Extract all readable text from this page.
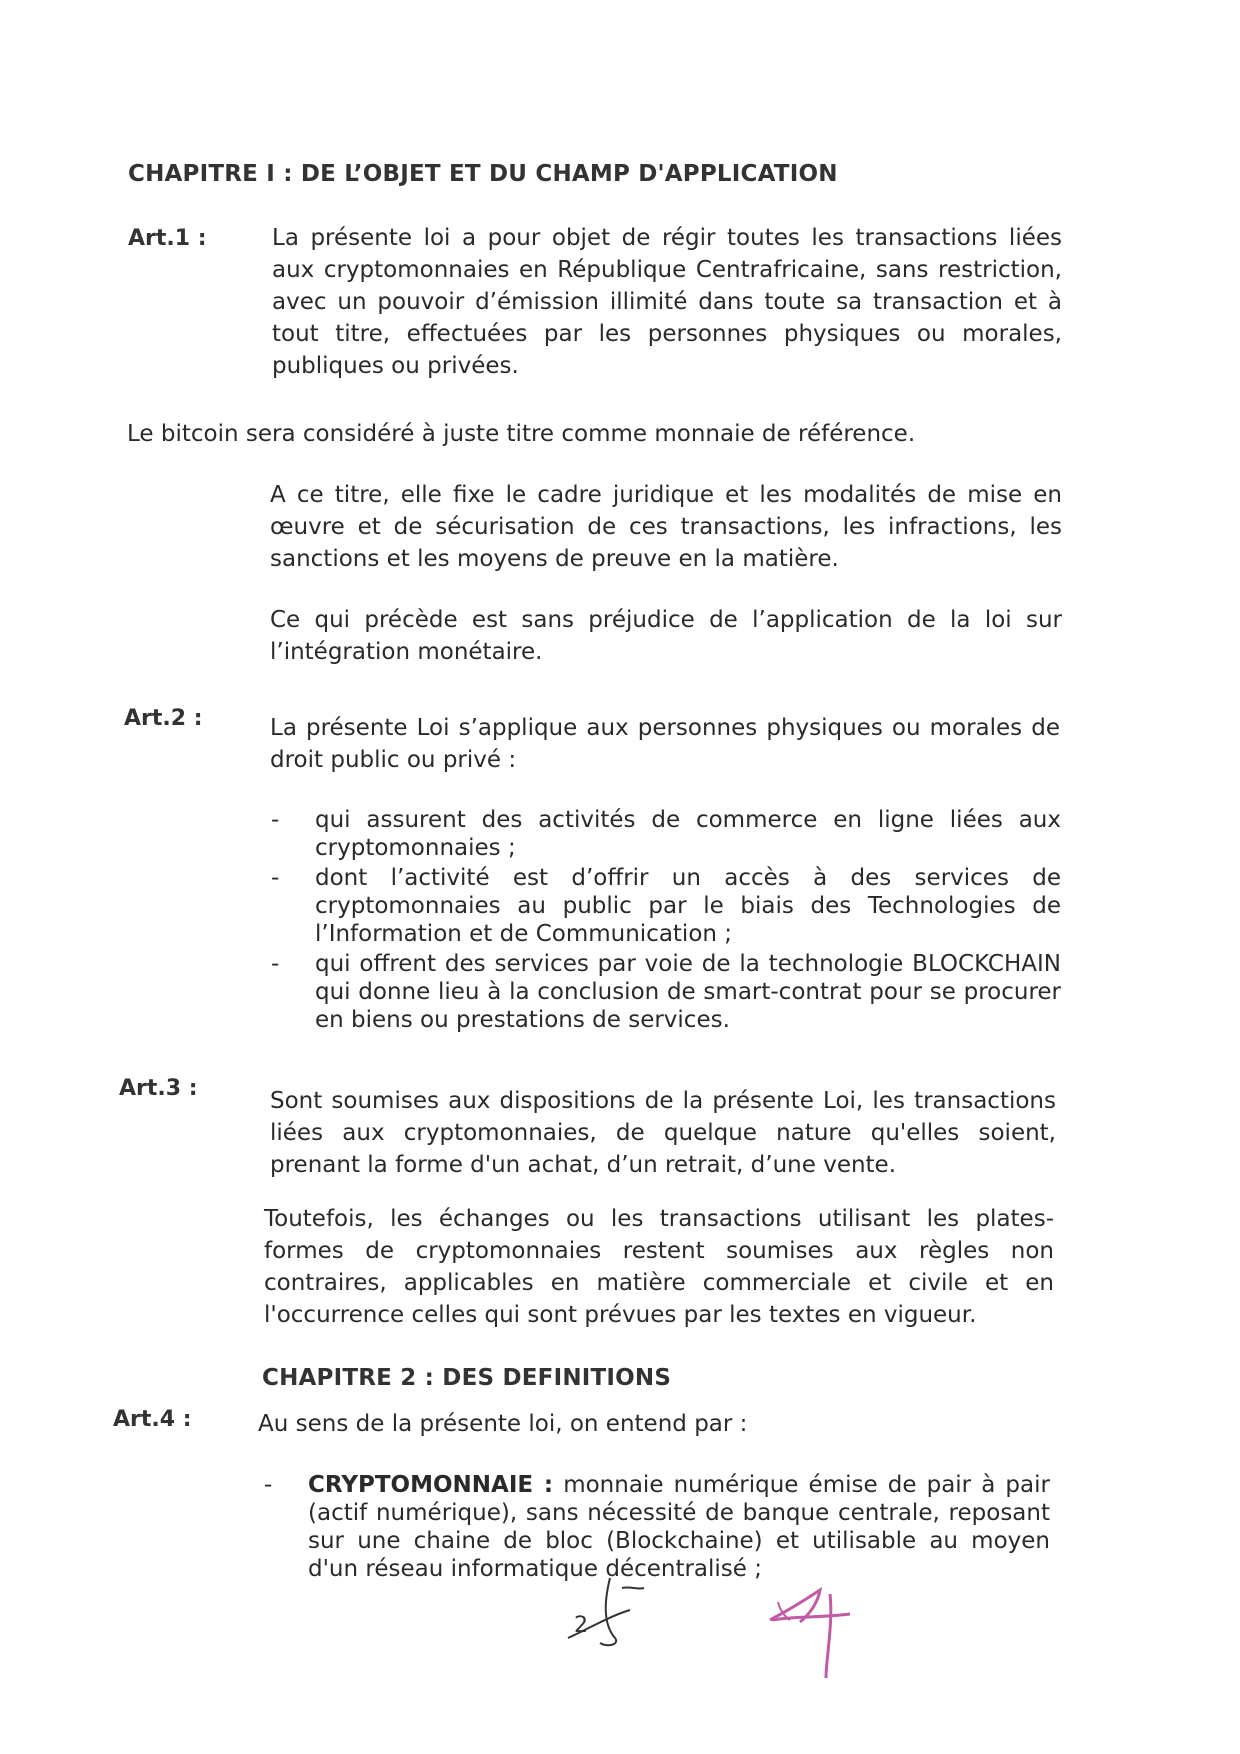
CHAPITRE I : DE L’OBJET ET DU CHAMP D'APPLICATION
Art.1 :	La présente loi a pour objet de régir toutes les transactions liées aux cryptomonnaies en République Centrafricaine, sans restriction, avec un pouvoir d’émission illimité dans toute sa transaction et à tout titre, effectuées par les personnes physiques ou morales, publiques ou privées.
Le bitcoin sera considéré à juste titre comme monnaie de référence.
A ce titre, elle fixe le cadre juridique et les modalités de mise en œuvre et de sécurisation de ces transactions, les infractions, les sanctions et les moyens de preuve en la matière.
Ce qui précède est sans préjudice de l’application de la loi sur l’intégration monétaire.
Art.2 :	La présente Loi s’applique aux personnes physiques ou morales de droit public ou privé :
- qui assurent des activités de commerce en ligne liées aux cryptomonnaies ;
- dont l’activité est d’offrir un accès à des services de cryptomonnaies au public par le biais des Technologies de l’Information et de Communication ;
- qui offrent des services par voie de la technologie BLOCKCHAIN qui donne lieu à la conclusion de smart-contrat pour se procurer en biens ou prestations de services.
Art.3 :	Sont soumises aux dispositions de la présente Loi, les transactions liées aux cryptomonnaies, de quelque nature qu'elles soient, prenant la forme d'un achat, d’un retrait, d’une vente.
Toutefois, les échanges ou les transactions utilisant les plates-formes de cryptomonnaies restent soumises aux règles non contraires, applicables en matière commerciale et civile et en l'occurrence celles qui sont prévues par les textes en vigueur.
CHAPITRE 2 : DES DEFINITIONS
Art.4 :	Au sens de la présente loi, on entend par :
- CRYPTOMONNAIE : monnaie numérique émise de pair à pair (actif numérique), sans nécessité de banque centrale, reposant sur une chaine de bloc (Blockchaine) et utilisable au moyen d'un réseau informatique décentralisé ;
2
